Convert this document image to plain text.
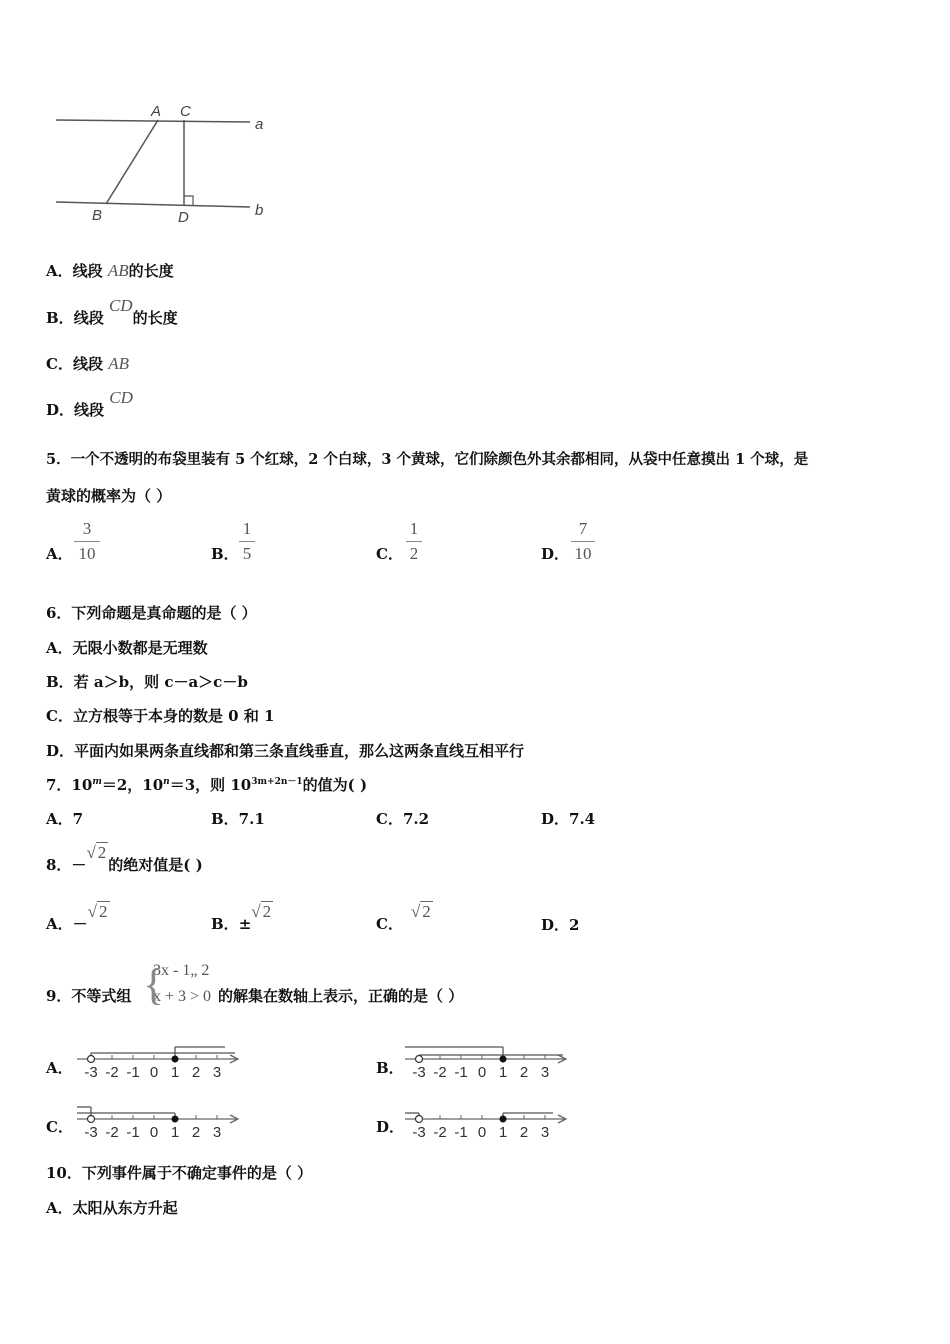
A C
a
B	D	b
A．线段 AB的长度
B．线段 CD的长度
C．线段 AB
D．线段 CD
5．一个不透明的布袋里装有 5 个红球，2 个白球，3 个黄球，它们除颜色外其余都相同，从袋中任意摸出 1 个球，是
黄球的概率为（ ）
A．
3
10	B．
1
5	C．
1
2	D．
7
10
6．下列命题是真命题的是（ ）
A．无限小数都是无理数
B．若 a＞b，则 c－a＞c－b
C．立方根等于本身的数是 0 和 1
D．平面内如果两条直线都和第三条直线垂直，那么这两条直线互相平行
7．$10^m=2$，$10^n=3$，则 $10^{3m+2n-1}$的值为( )
A．7	B．7.1	C．7.2	D．7.4
8．－√ 2的绝对值是( )
A．－√ 2
B．±√ 2
C．√ 2
D．2
9．不等式组 {
3x - 1„ 2
x + 3 > 0 的解集在数轴上表示，正确的是（ ）
A． -3 -2 -1 0 1 2 3	B． -3 -2 -1 0 1 2 3
C． -3 -2 -1 0 1 2 3	D． -3 -2 -1 0 1 2 3
10．下列事件属于不确定事件的是（ ）
A．太阳从东方升起
